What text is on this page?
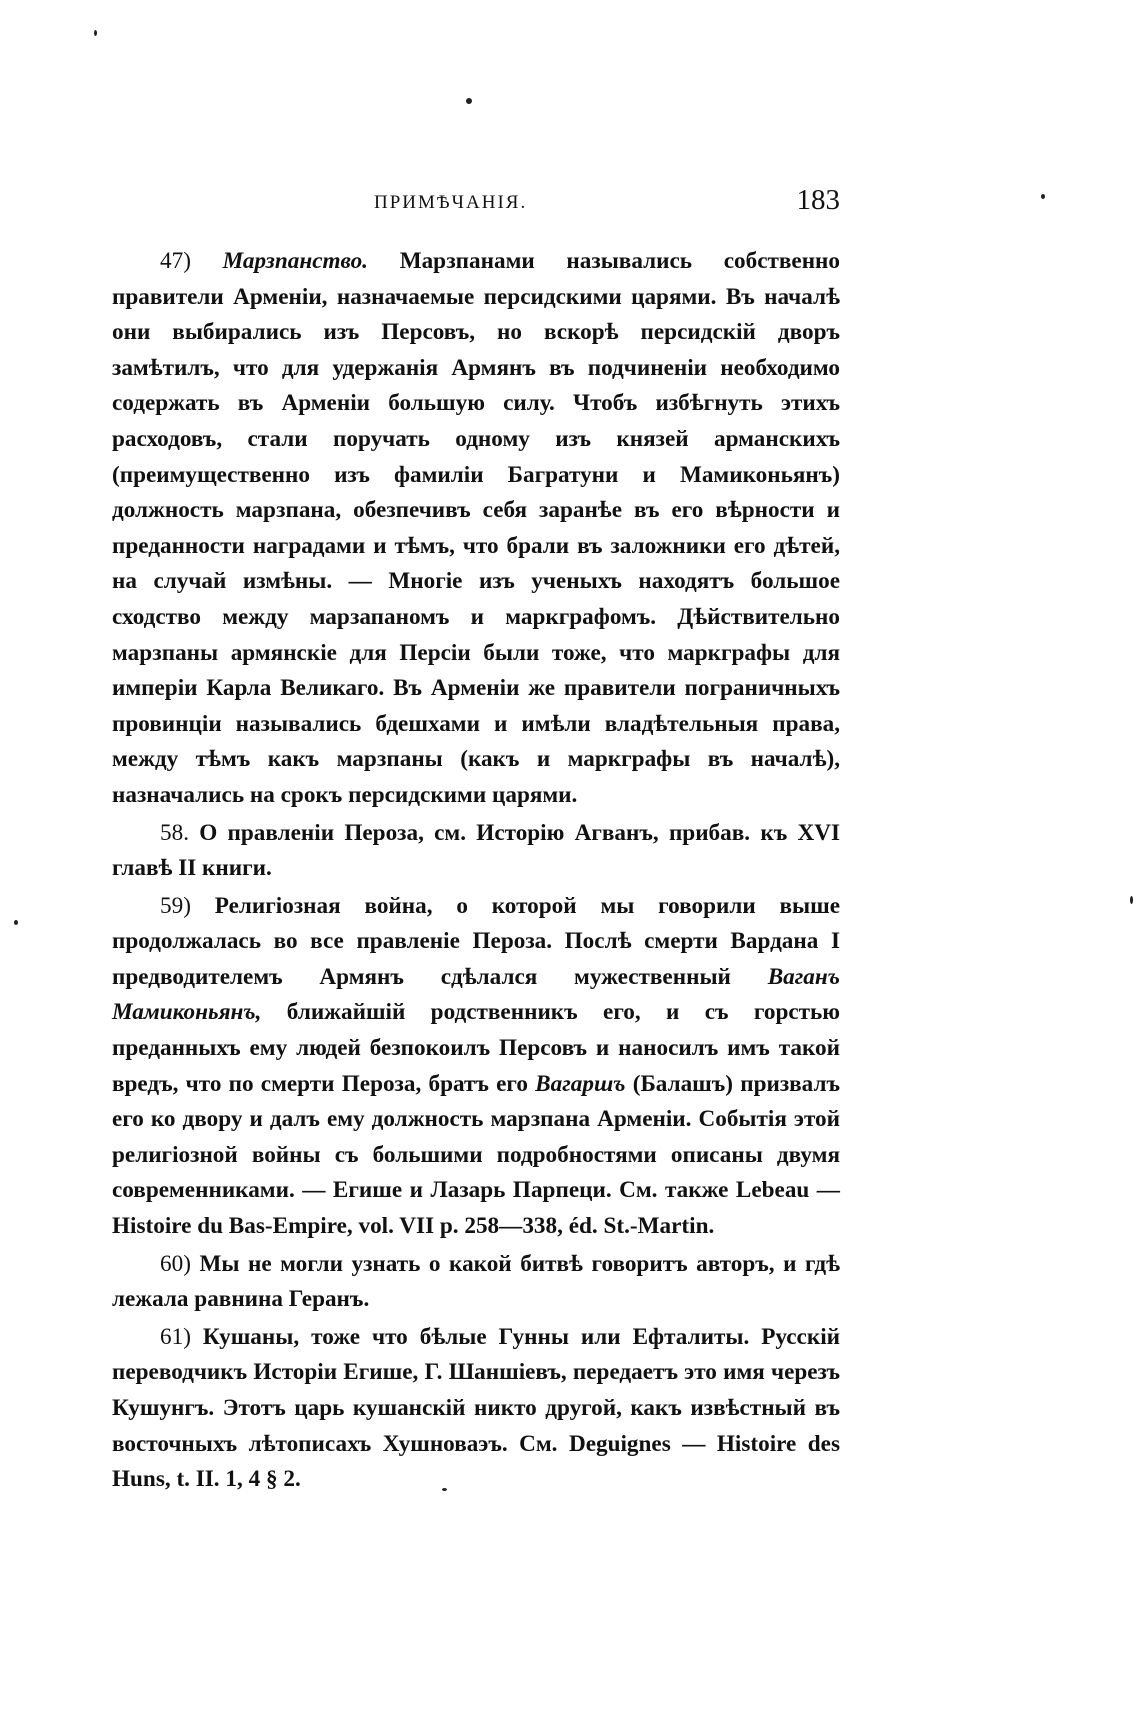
ПРИМѢЧАНІЯ.	183

47) Марзпанство. Марзпанами назывались собственно правители Арменіи, назначаемые персидскими царями. Въ началѣ они выбирались изъ Персовъ, но вскорѣ персидскій дворъ замѣтилъ, что для удержанія Армянъ въ подчиненіи необходимо содержать въ Арменіи большую силу. Чтобъ избѣгнуть этихъ расходовъ, стали поручать одному изъ князей арманскихъ (преимущественно изъ фамиліи Багратуни и Мамиконьянъ) должность марзпана, обезпечивъ себя заранѣе въ его вѣрности и преданности наградами и тѣмъ, что брали въ заложники его дѣтей, на случай измѣны. — Многіе изъ ученыхъ находятъ большое сходство между марзапаномъ и маркграфомъ. Дѣйствительно марзпаны армянскіе для Персіи были тоже, что маркграфы для имперіи Карла Великаго. Въ Арменіи же правители пограничныхъ провинціи назывались бдешхами и имѣли владѣтельныя права, между тѣмъ какъ марзпаны (какъ и маркграфы въ началѣ), назначались на срокъ персидскими царями.

58. О правленіи Пероза, см. Исторію Агванъ, прибав. къ XVI главѣ II книги.

59) Религіозная война, о которой мы говорили выше продолжалась во все правленіе Пероза. Послѣ смерти Вардана I предводителемъ Армянъ сдѣлался мужественный Ваганъ Мамиконьянъ, ближайшій родственникъ его, и съ горстью преданныхъ ему людей безпокоилъ Персовъ и наносилъ имъ такой вредъ, что по смерти Пероза, братъ его Вагаршъ (Балашъ) призвалъ его ко двору и далъ ему должность марзпана Арменіи. Событія этой религіозной войны съ большими подробностями описаны двумя современниками. — Егише и Лазарь Парпеци. См. также Lebeau — Histoire du Bas-Empire, vol. VII p. 258—338, éd. St.-Martin.

60) Мы не могли узнать о какой битвѣ говоритъ авторъ, и гдѣ лежала равнина Геранъ.

61) Кушаны, тоже что бѣлые Гунны или Ефталиты. Русскій переводчикъ Исторіи Егише, Г. Шаншіевъ, передаетъ это имя черезъ Кушунгъ. Этотъ царь кушанскій никто другой, какъ извѣстный въ восточныхъ лѣтописахъ Хушноваэъ. См. Deguignes — Histoire des Huns, t. II. 1, 4 § 2.
